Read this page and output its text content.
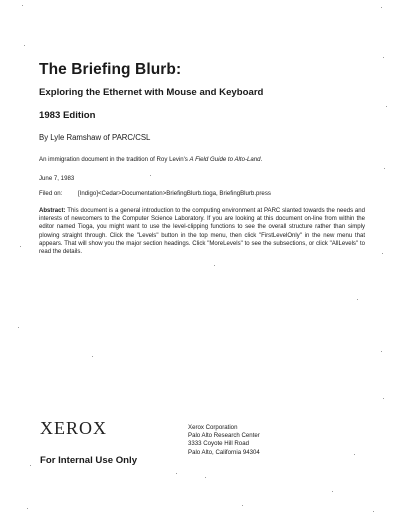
The Briefing Blurb:
Exploring the Ethernet with Mouse and Keyboard
1983 Edition
By Lyle Ramshaw of PARC/CSL
An immigration document in the tradition of Roy Levin's A Field Guide to Alto-Land.
June 7, 1983
Filed on:	[Indigo]<Cedar>Documentation>BriefingBlurb.tioga, BriefingBlurb.press
Abstract: This document is a general introduction to the computing environment at PARC slanted towards the needs and interests of newcomers to the Computer Science Laboratory. If you are looking at this document on-line from within the editor named Tioga, you might want to use the level-clipping functions to see the overall structure rather than simply plowing straight through. Click the "Levels" button in the top menu, then click "FirstLevelOnly" in the new menu that appears. That will show you the major section headings. Click "MoreLevels" to see the subsections, or click "AllLevels" to read the details.
XEROX	Xerox Corporation
Palo Alto Research Center
3333 Coyote Hill Road
Palo Alto, California 94304
For Internal Use Only
